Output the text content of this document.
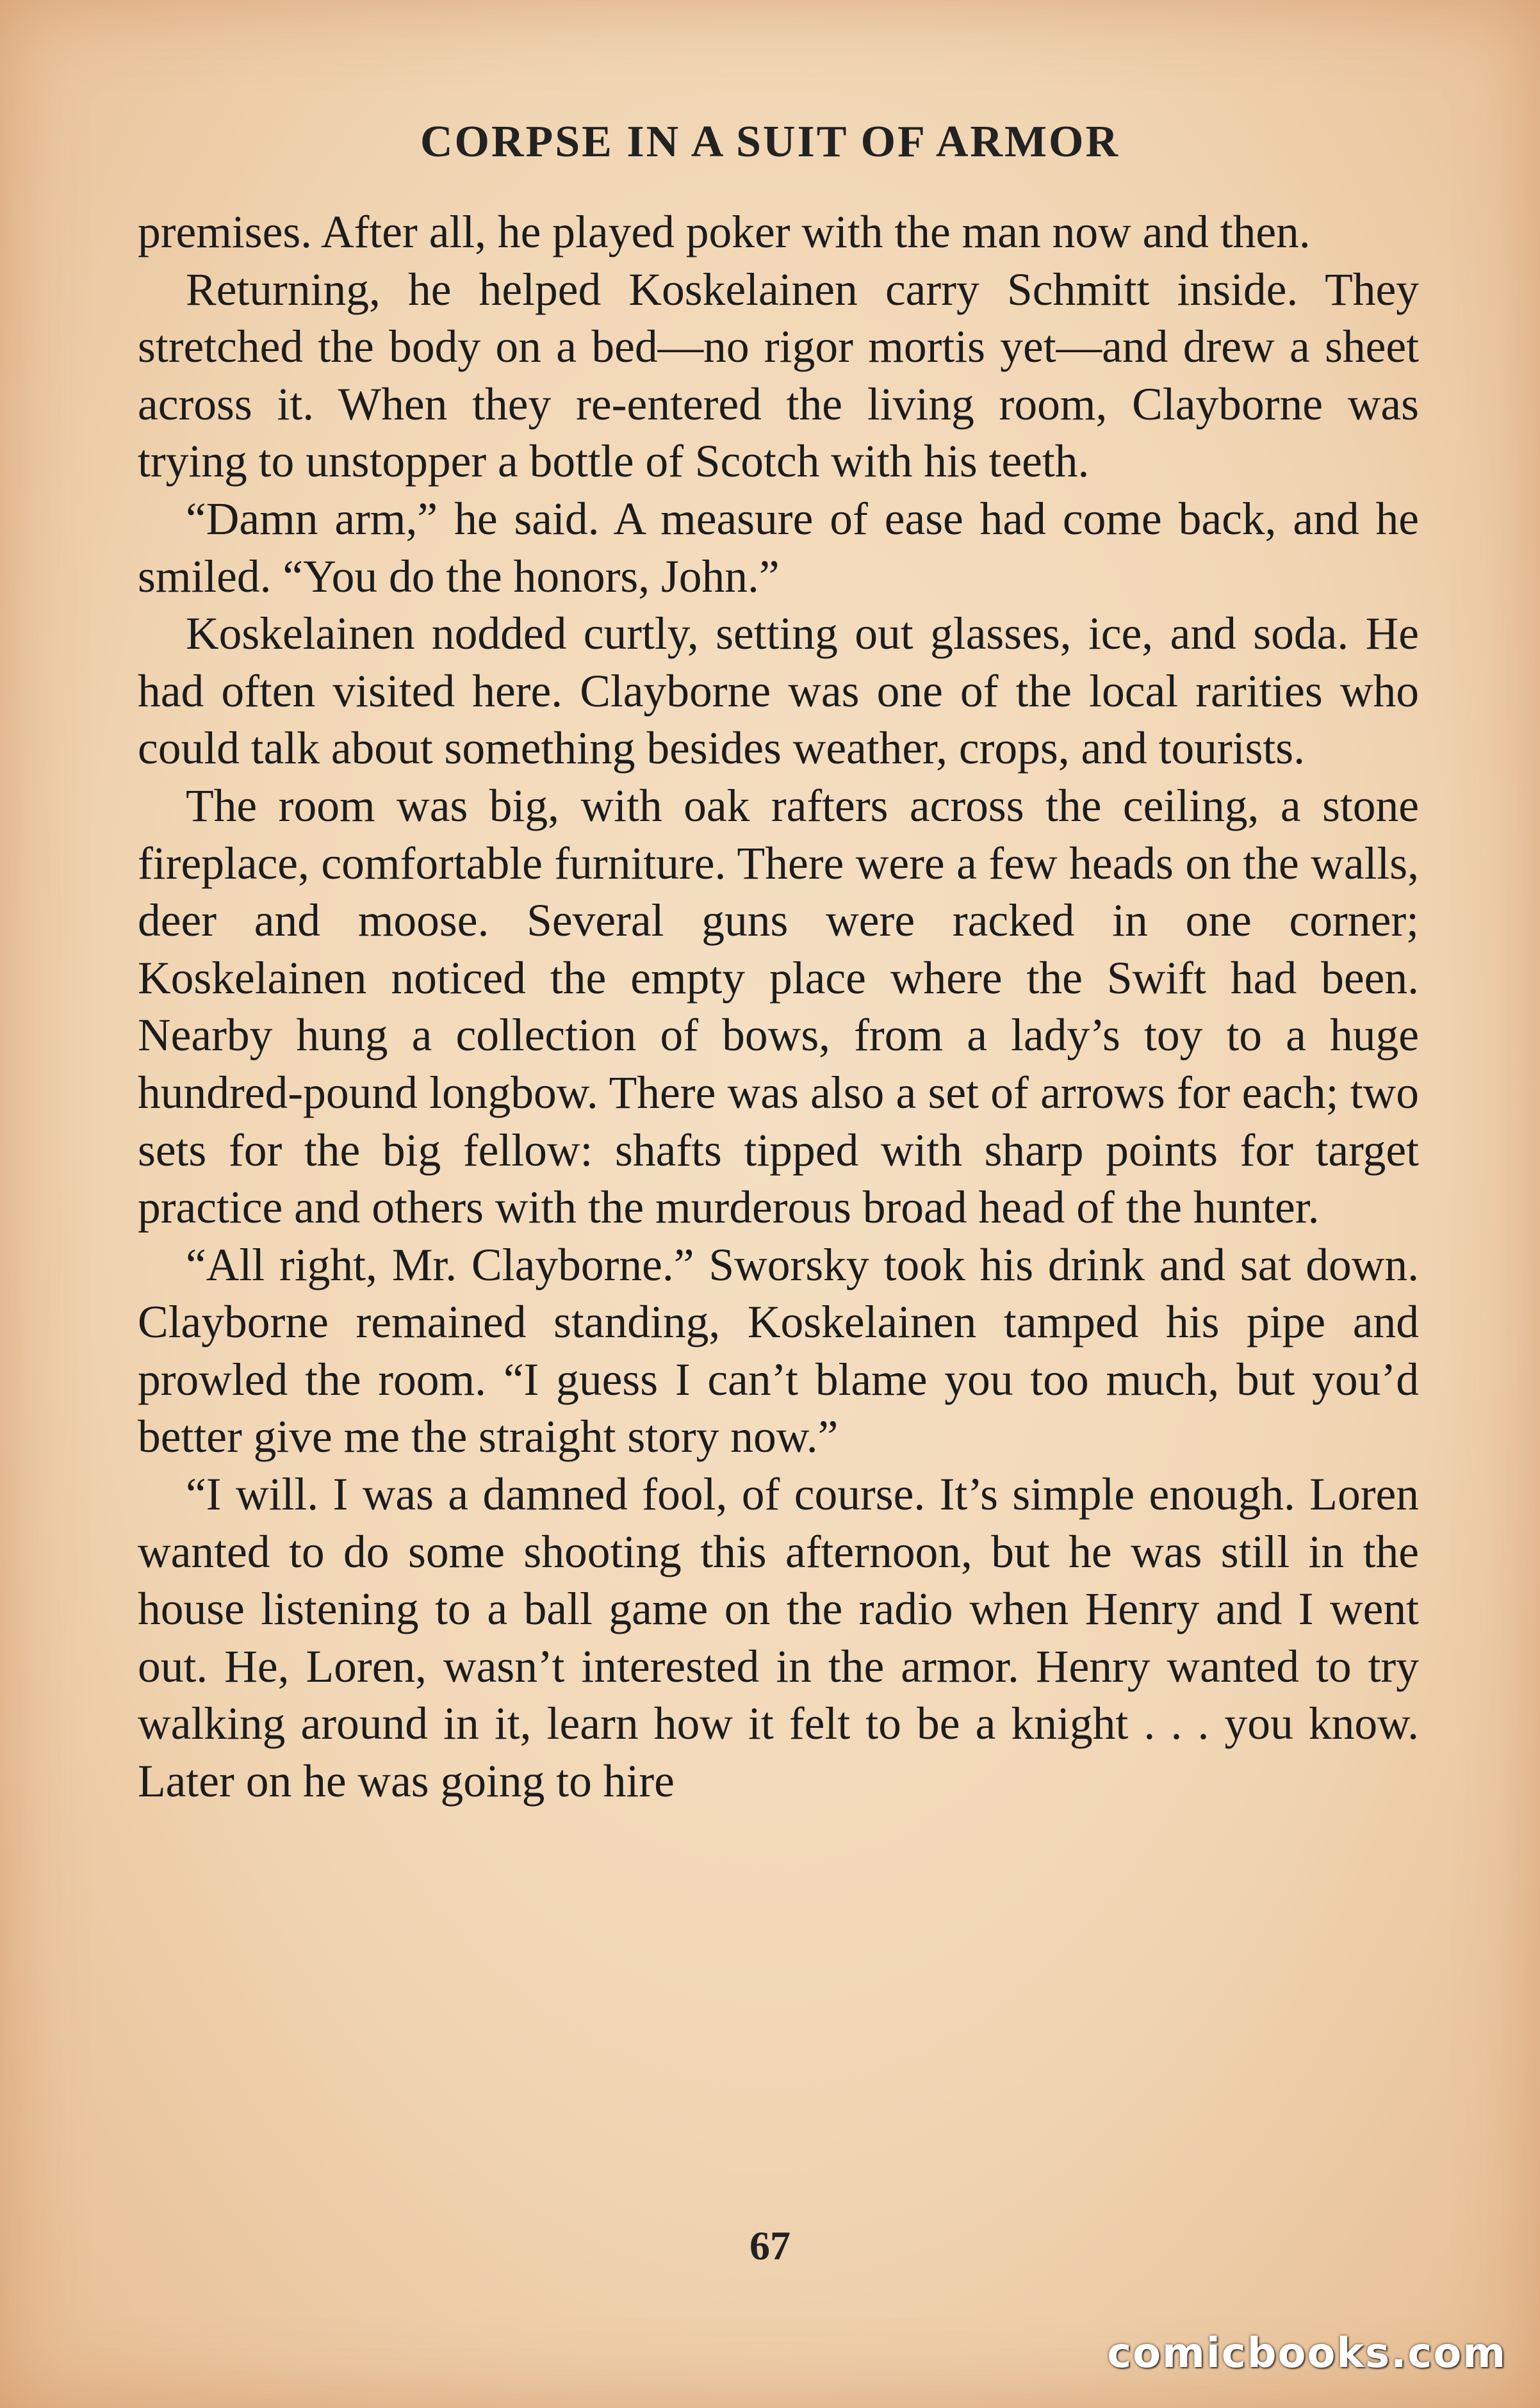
CORPSE IN A SUIT OF ARMOR

premises. After all, he played poker with the man now and then.

Returning, he helped Koskelainen carry Schmitt inside. They stretched the body on a bed—no rigor mortis yet—and drew a sheet across it. When they re-entered the living room, Clayborne was trying to unstopper a bottle of Scotch with his teeth.

“Damn arm,” he said. A measure of ease had come back, and he smiled. “You do the honors, John.”

Koskelainen nodded curtly, setting out glasses, ice, and soda. He had often visited here. Clayborne was one of the local rarities who could talk about something besides weather, crops, and tourists.

The room was big, with oak rafters across the ceiling, a stone fireplace, comfortable furniture. There were a few heads on the walls, deer and moose. Several guns were racked in one corner; Koskelainen noticed the empty place where the Swift had been. Nearby hung a collection of bows, from a lady’s toy to a huge hundred-pound longbow. There was also a set of arrows for each; two sets for the big fellow: shafts tipped with sharp points for target practice and others with the murderous broad head of the hunter.

“All right, Mr. Clayborne.” Sworsky took his drink and sat down. Clayborne remained standing, Koskelainen tamped his pipe and prowled the room. “I guess I can’t blame you too much, but you’d better give me the straight story now.”

“I will. I was a damned fool, of course. It’s simple enough. Loren wanted to do some shooting this afternoon, but he was still in the house listening to a ball game on the radio when Henry and I went out. He, Loren, wasn’t interested in the armor. Henry wanted to try walking around in it, learn how it felt to be a knight . . . you know. Later on he was going to hire

67
comicbooks.com
